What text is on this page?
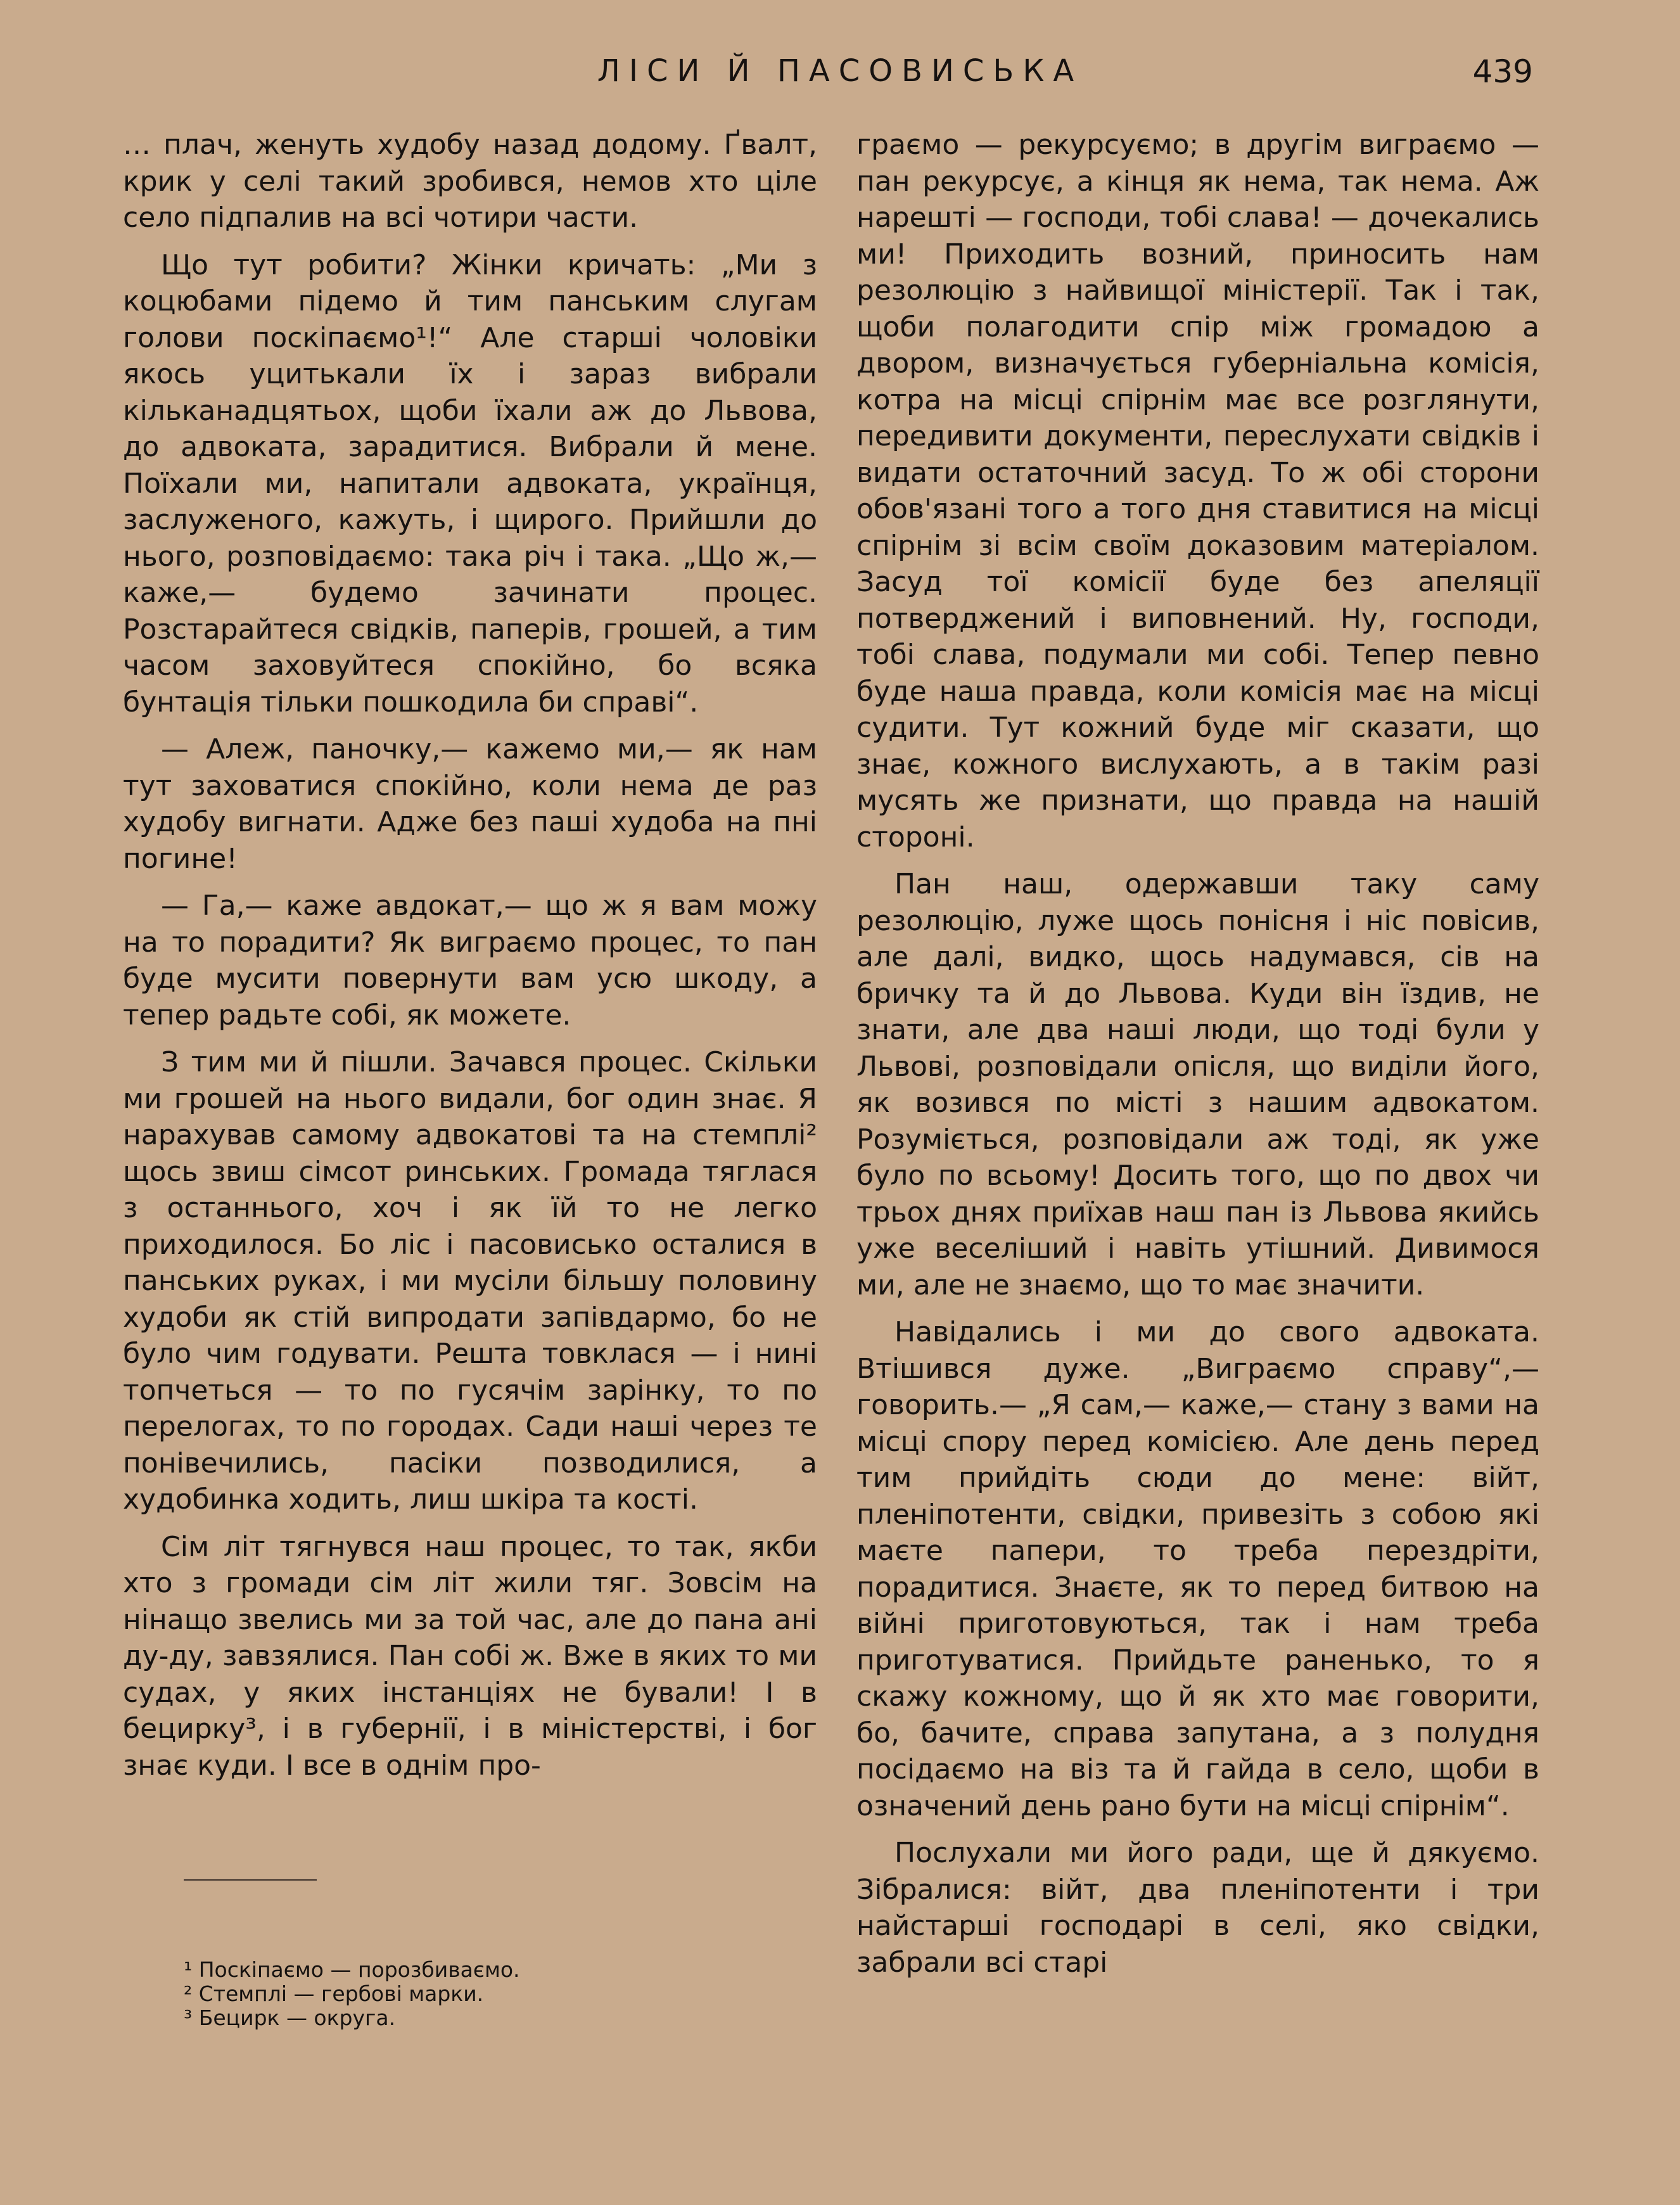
ЛІСИ Й ПАСОВИСЬКА	439

… плач, женуть худобу назад додому. Ґвалт, крик у селі такий зробився, немов хто ціле село підпалив на всі чотири части.

Що тут робити? Жінки кричать: „Ми з коцюбами підемо й тим панським слугам голови поскіпаємо¹!“ Але старші чоловіки якось уцитькали їх і зараз вибрали кільканадцятьох, щоби їхали аж до Львова, до адвоката, зарадитися. Вибрали й мене. Поїхали ми, напитали адвоката, українця, заслуженого, кажуть, і щирого. Прийшли до нього, розповідаємо: така річ і така. „Що ж,— каже,— будемо зачинати процес. Розстарайтеся свідків, паперів, грошей, а тим часом заховуйтеся спокійно, бо всяка бунтація тільки пошкодила би справі“.

— Алеж, паночку,— кажемо ми,— як нам тут заховатися спокійно, коли нема де раз худобу вигнати. Адже без паші худоба на пні погине!

— Га,— каже авдокат,— що ж я вам можу на то порадити? Як виграємо процес, то пан буде мусити повернути вам усю шкоду, а тепер радьте собі, як можете.

З тим ми й пішли. Зачався процес. Скільки ми грошей на нього видали, бог один знає. Я нарахував самому адвокатові та на стемплі² щось звиш сімсот ринських. Громада тяглася з останнього, хоч і як їй то не легко приходилося. Бо ліс і пасовисько осталися в панських руках, і ми мусіли більшу половину худоби як стій випродати запівдармо, бо не було чим годувати. Решта товклася — і нині топчеться — то по гусячім зарінку, то по перелогах, то по городах. Сади наші через те понівечились, пасіки позводилися, а худобинка ходить, лиш шкіра та кості.

Сім літ тягнувся наш процес, то так, якби хто з громади сім літ жили тяг. Зовсім на нінащо звелись ми за той час, але до пана ані ду-ду, завзялися. Пан собі ж. Вже в яких то ми судах, у яких інстанціях не бували! І в бецирку³, і в губернії, і в міністерстві, і бог знає куди. І все в однім про-

граємо — рекурсуємо; в другім виграємо — пан рекурсує, а кінця як нема, так нема. Аж нарешті — господи, тобі слава! — дочекались ми! Приходить возний, приносить нам резолюцію з найвищої міністерії. Так і так, щоби полагодити спір між громадою а двором, визначується губерніальна комісія, котра на місці спірнім має все розглянути, передивити документи, переслухати свідків і видати остаточний засуд. То ж обі сторони обов'язані того а того дня ставитися на місці спірнім зі всім своїм доказовим матеріалом. Засуд тої комісії буде без апеляції потверджений і виповнений. Ну, господи, тобі слава, подумали ми собі. Тепер певно буде наша правда, коли комісія має на місці судити. Тут кожний буде міг сказати, що знає, кожного вислухають, а в такім разі мусять же признати, що правда на нашій стороні.

Пан наш, одержавши таку саму резолюцію, лужe щось понісня і ніс повісив, але далі, видко, щось надумався, сів на бричку та й до Львова. Куди він їздив, не знати, але два наші люди, що тоді були у Львові, розповідали опісля, що виділи його, як возився по місті з нашим адвокатом. Розуміється, розповідали аж тоді, як уже було по всьому! Досить того, що по двох чи трьох днях приїхав наш пан із Львова якийсь уже веселіший і навіть утішний. Дивимося ми, але не знаємо, що то має значити.

Навідались і ми до свого адвоката. Втішився дуже. „Виграємо справу“,— говорить.— „Я сам,— каже,— стану з вами на місці спору перед комісією. Але день перед тим прийдіть сюди до мене: війт, пленіпотенти, свідки, привезіть з собою які маєте папери, то треба перездріти, порадитися. Знаєте, як то перед битвою на війні приготовуються, так і нам треба приготуватися. Прийдьте раненько, то я скажу кожному, що й як хто має говорити, бо, бачите, справа запутана, а з полудня посідаємо на віз та й гайда в село, щоби в означений день рано бути на місці спірнім“.

Послухали ми його ради, ще й дякуємо. Зібралися: війт, два пленіпотенти і три найстарші господарі в селі, яко свідки, забрали всі старі

¹ Поскіпаємо — порозбиваємо.
² Стемплі — гербові марки.
³ Бецирк — округа.
